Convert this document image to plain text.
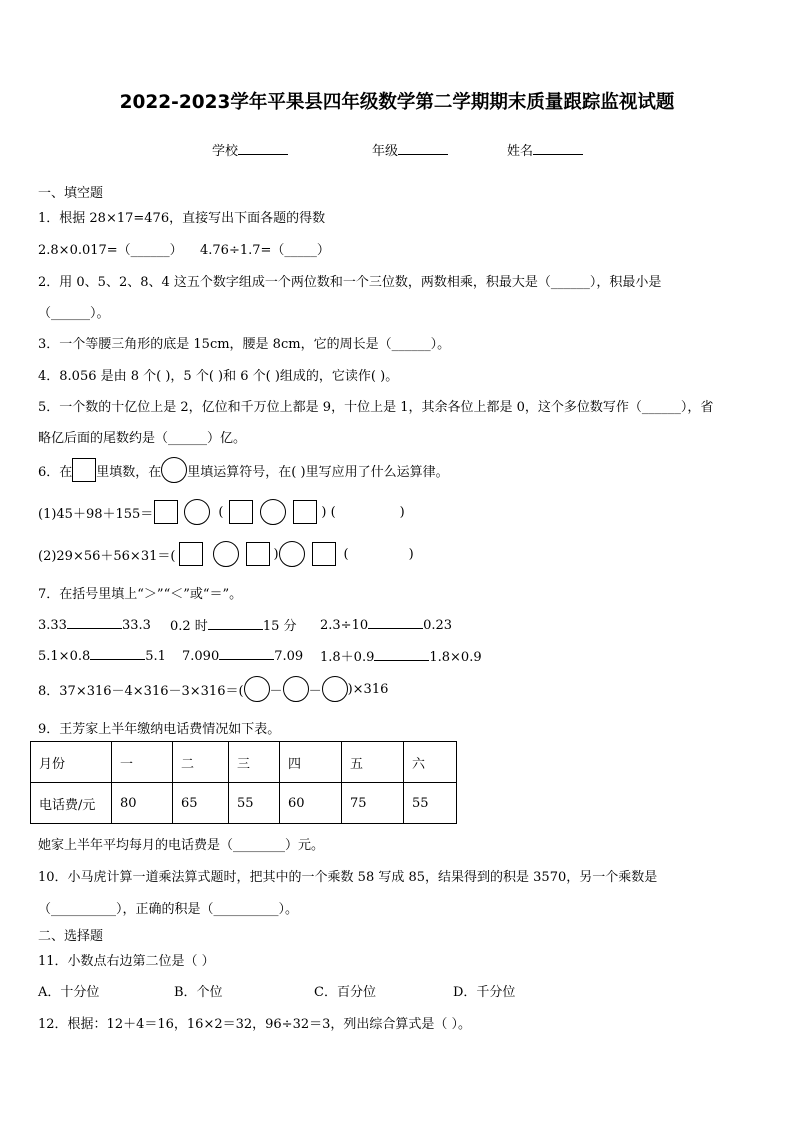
2022-2023学年平果县四年级数学第二学期期末质量跟踪监视试题
学校	年级	姓名
一、填空题
1．根据 28×17=476，直接写出下面各题的得数
2.8×0.017=（______） 4.76÷1.7=（_____）
2．用 0、5、2、8、4 这五个数字组成一个两位数和一个三位数，两数相乘，积最大是（______），积最小是
（______）。
3．一个等腰三角形的底是 15cm，腰是 8cm，它的周长是（______）。
4．8.056 是由 8 个( )，5 个( )和 6 个( )组成的，它读作( )。
5．一个数的十亿位上是 2，亿位和千万位上都是 9，十位上是 1，其余各位上都是 0，这个多位数写作（______），省
略亿后面的尾数约是（______）亿。
6．在 里填数，在 里填运算符号，在( )里写应用了什么运算律。
(1)45＋98＋155＝	(	) (	)
(2)29×56＋56×31＝(	)	(	)
7．在括号里填上“＞”“＜”或“＝”。
3.33	33.3 0.2 时	15 分 2.3÷10	0.23
5.1×0.8	5.1 7.090	7.09 1.8＋0.9	1.8×0.9
8．37×316－4×316－3×316＝( － － )×316
9．王芳家上半年缴纳电话费情况如下表。
月份	一	二	三	四	五	六
电话费/元	80	65	55	60	75	55
她家上半年平均每月的电话费是（________）元。
10．小马虎计算一道乘法算式题时，把其中的一个乘数 58 写成 85，结果得到的积是 3570，另一个乘数是
（__________），正确的积是（__________）。
二、选择题
11．小数点右边第二位是（ ）
A．十分位	B．个位	C．百分位	D．千分位
12．根据：12＋4＝16，16×2＝32，96÷32＝3，列出综合算式是（ ）。
